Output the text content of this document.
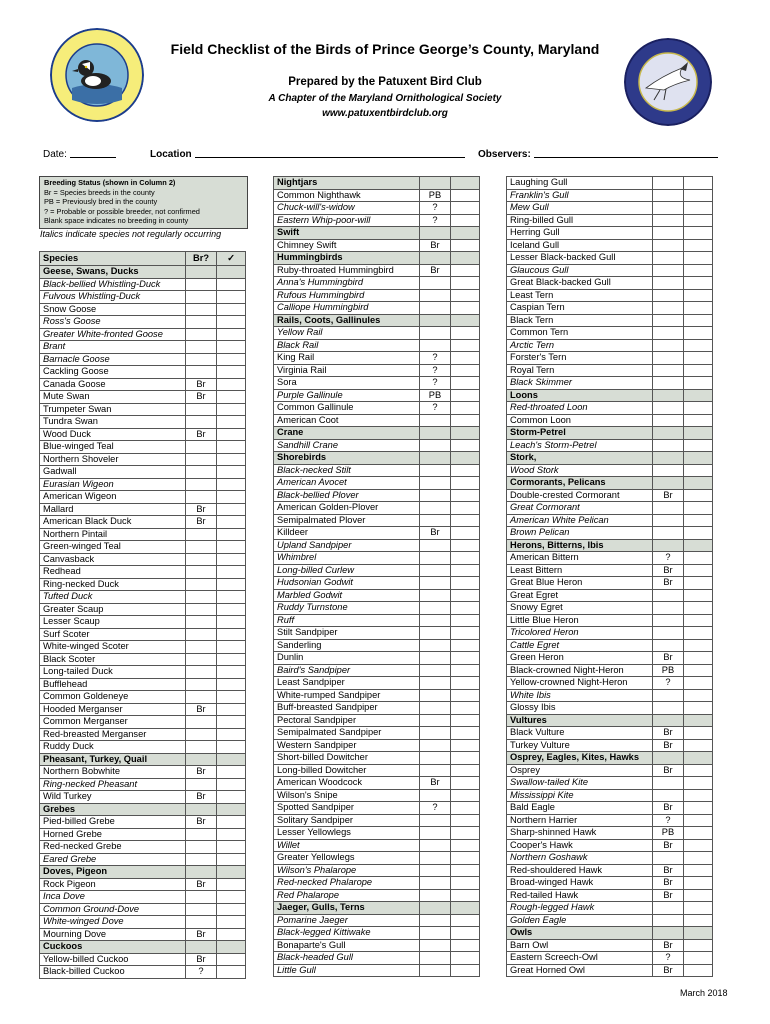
Field Checklist of the Birds of Prince George’s County, Maryland
Prepared by the Patuxent Bird Club
A Chapter of the Maryland Ornithological Society
www.patuxentbirdclub.org
Date:	Location	Observers:
Breeding Status (shown in Column 2)
Br = Species breeds in the county
PB = Previously bred in the county
? = Probable or possible breeder, not confirmed
Blank space indicates no breeding in county
Italics indicate species not regularly occurring
Species	Br?	✓
Geese, Swans, Ducks
Black-bellied Whistling-Duck
Fulvous Whistling-Duck
Snow Goose
Ross's Goose
Greater White-fronted Goose
Brant
Barnacle Goose
Cackling Goose
Canada Goose	Br
Mute Swan	Br
Trumpeter Swan
Tundra Swan
Wood Duck	Br
Blue-winged Teal
Northern Shoveler
Gadwall
Eurasian Wigeon
American Wigeon
Mallard	Br
American Black Duck	Br
Northern Pintail
Green-winged Teal
Canvasback
Redhead
Ring-necked Duck
Tufted Duck
Greater Scaup
Lesser Scaup
Surf Scoter
White-winged Scoter
Black Scoter
Long-tailed Duck
Bufflehead
Common Goldeneye
Hooded Merganser	Br
Common Merganser
Red-breasted Merganser
Ruddy Duck
Pheasant, Turkey, Quail
Northern Bobwhite	Br
Ring-necked Pheasant
Wild Turkey	Br
Grebes
Pied-billed Grebe	Br
Horned Grebe
Red-necked Grebe
Eared Grebe
Doves, Pigeon
Rock Pigeon	Br
Inca Dove
Common Ground-Dove
White-winged Dove
Mourning Dove	Br
Cuckoos
Yellow-billed Cuckoo	Br
Black-billed Cuckoo	?
Nightjars
Common Nighthawk	PB
Chuck-will's-widow	?
Eastern Whip-poor-will	?
Swift
Chimney Swift	Br
Hummingbirds
Ruby-throated Hummingbird	Br
Anna's Hummingbird
Rufous Hummingbird
Calliope Hummingbird
Rails, Coots, Gallinules
Yellow Rail
Black Rail
King Rail	?
Virginia Rail	?
Sora	?
Purple Gallinule	PB
Common Gallinule	?
American Coot
Crane
Sandhill Crane
Shorebirds
Black-necked Stilt
American Avocet
Black-bellied Plover
American Golden-Plover
Semipalmated Plover
Killdeer	Br
Upland Sandpiper
Whimbrel
Long-billed Curlew
Hudsonian Godwit
Marbled Godwit
Ruddy Turnstone
Ruff
Stilt Sandpiper
Sanderling
Dunlin
Baird's Sandpiper
Least Sandpiper
White-rumped Sandpiper
Buff-breasted Sandpiper
Pectoral Sandpiper
Semipalmated Sandpiper
Western Sandpiper
Short-billed Dowitcher
Long-billed Dowitcher
American Woodcock	Br
Wilson's Snipe
Spotted Sandpiper	?
Solitary Sandpiper
Lesser Yellowlegs
Willet
Greater Yellowlegs
Wilson's Phalarope
Red-necked Phalarope
Red Phalarope
Jaeger, Gulls, Terns
Pomarine Jaeger
Black-legged Kittiwake
Bonaparte's Gull
Black-headed Gull
Little Gull
Laughing Gull
Franklin's Gull
Mew Gull
Ring-billed Gull
Herring Gull
Iceland Gull
Lesser Black-backed Gull
Glaucous Gull
Great Black-backed Gull
Least Tern
Caspian Tern
Black Tern
Common Tern
Arctic Tern
Forster's Tern
Royal Tern
Black Skimmer
Loons
Red-throated Loon
Common Loon
Storm-Petrel
Leach's Storm-Petrel
Stork,
Wood Stork
Cormorants, Pelicans
Double-crested Cormorant	Br
Great Cormorant
American White Pelican
Brown Pelican
Herons, Bitterns, Ibis
American Bittern	?
Least Bittern	Br
Great Blue Heron	Br
Great Egret
Snowy Egret
Little Blue Heron
Tricolored Heron
Cattle Egret
Green Heron	Br
Black-crowned Night-Heron	PB
Yellow-crowned Night-Heron	?
White Ibis
Glossy Ibis
Vultures
Black Vulture	Br
Turkey Vulture	Br
Osprey, Eagles, Kites, Hawks
Osprey	Br
Swallow-tailed Kite
Mississippi Kite
Bald Eagle	Br
Northern Harrier	?
Sharp-shinned Hawk	PB
Cooper's Hawk	Br
Northern Goshawk
Red-shouldered Hawk	Br
Broad-winged Hawk	Br
Red-tailed Hawk	Br
Rough-legged Hawk
Golden Eagle
Owls
Barn Owl	Br
Eastern Screech-Owl	?
Great Horned Owl	Br
March 2018
